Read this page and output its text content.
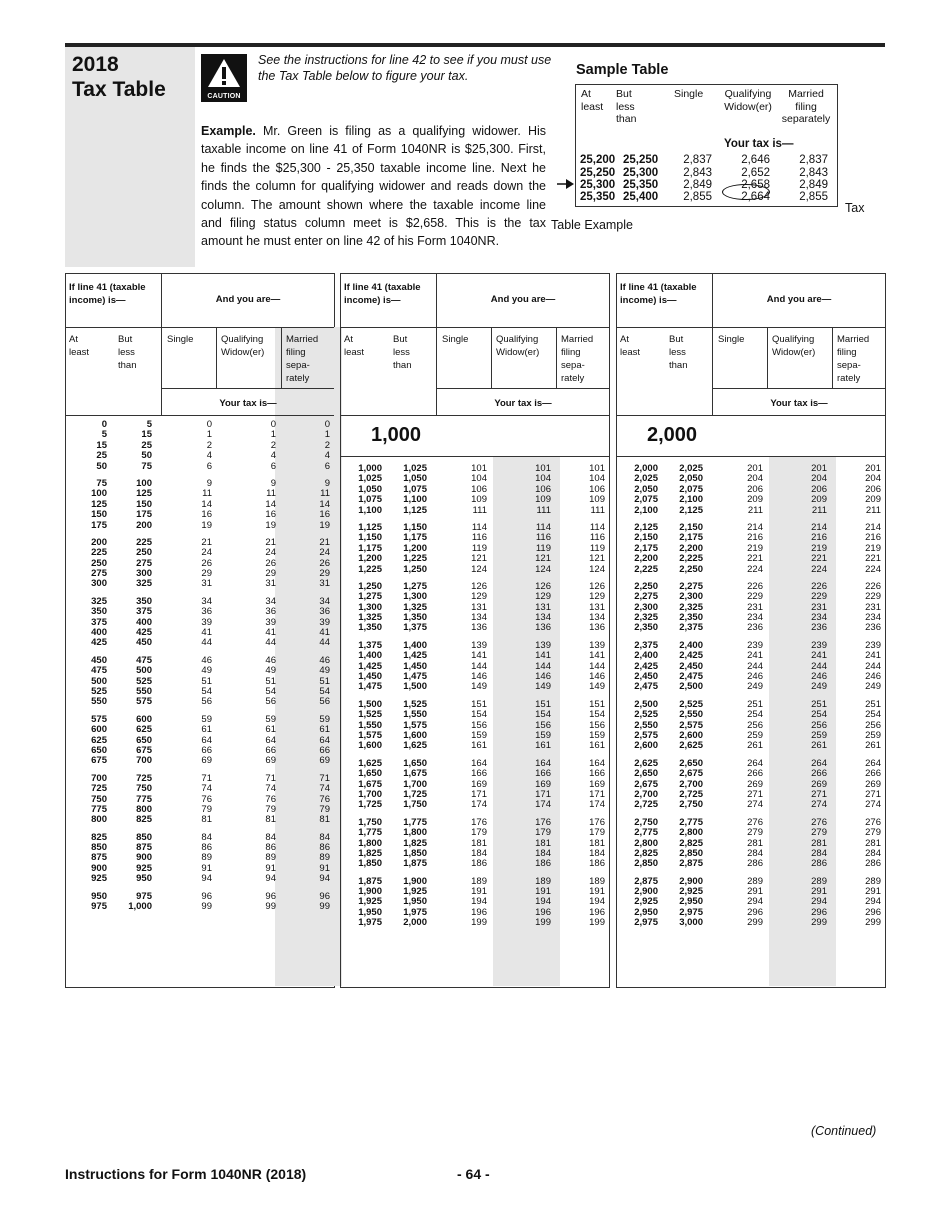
2018
Tax Table	CAUTION
See the instructions for line 42 to see if you must use the Tax Table below to figure your tax.
Example. Mr. Green is filing as a qualifying widower. His taxable income on line 41 of Form 1040NR is $25,300. First, he finds the $25,300 - 25,350 taxable income line. Next he finds the column for qualifying widower and reads down the column. The amount shown where the taxable income line and filing status column meet is $2,658. This is the tax amount he must enter on line 42 of his Form 1040NR.
Sample Table
At least
But less than
Single	Qualifying Widow(er)
Married filing separately
Your tax is—
25,200 25,250	2,837	2,646	2,837
25,250 25,300	2,843	2,652	2,843
25,300 25,350	2,849	2,658	2,849
25,350 25,400	2,855	2,664	2,855
Tax
Table Example
If line 41 (taxable income) is—	And you are—
At least
But less than
Single	Qualifying Widow(er)
Married filing sepa- rately
Your tax is—
0	5	0	0	0
5	15	1	1	1
15	25	2	2	2
25	50	4	4	4
50	75	6	6	6
75	100	9	9	9
100	125	11	11	11
125	150	14	14	14
150	175	16	16	16
175	200	19	19	19
200	225	21	21	21
225	250	24	24	24
250	275	26	26	26
275	300	29	29	29
300	325	31	31	31
325	350	34	34	34
350	375	36	36	36
375	400	39	39	39
400	425	41	41	41
425	450	44	44	44
450	475	46	46	46
475	500	49	49	49
500	525	51	51	51
525	550	54	54	54
550	575	56	56	56
575	600	59	59	59
600	625	61	61	61
625	650	64	64	64
650	675	66	66	66
675	700	69	69	69
700	725	71	71	71
725	750	74	74	74
750	775	76	76	76
775	800	79	79	79
800	825	81	81	81
825	850	84	84	84
850	875	86	86	86
875	900	89	89	89
900	925	91	91	91
925	950	94	94	94
950	975	96	96	96
975	1,000	99	99	99
If line 41 (taxable income) is—	And you are—
At least
But less than
Single	Qualifying Widow(er)
Married filing sepa- rately
Your tax is—
1,000
1,000	1,025	101	101	101
1,025	1,050	104	104	104
1,050	1,075	106	106	106
1,075	1,100	109	109	109
1,100	1,125	111	111	111
1,125	1,150	114	114	114
1,150	1,175	116	116	116
1,175	1,200	119	119	119
1,200	1,225	121	121	121
1,225	1,250	124	124	124
1,250	1,275	126	126	126
1,275	1,300	129	129	129
1,300	1,325	131	131	131
1,325	1,350	134	134	134
1,350	1,375	136	136	136
1,375	1,400	139	139	139
1,400	1,425	141	141	141
1,425	1,450	144	144	144
1,450	1,475	146	146	146
1,475	1,500	149	149	149
1,500	1,525	151	151	151
1,525	1,550	154	154	154
1,550	1,575	156	156	156
1,575	1,600	159	159	159
1,600	1,625	161	161	161
1,625	1,650	164	164	164
1,650	1,675	166	166	166
1,675	1,700	169	169	169
1,700	1,725	171	171	171
1,725	1,750	174	174	174
1,750	1,775	176	176	176
1,775	1,800	179	179	179
1,800	1,825	181	181	181
1,825	1,850	184	184	184
1,850	1,875	186	186	186
1,875	1,900	189	189	189
1,900	1,925	191	191	191
1,925	1,950	194	194	194
1,950	1,975	196	196	196
1,975	2,000	199	199	199
If line 41 (taxable income) is—	And you are—
At least
But less than
Single	Qualifying Widow(er)
Married filing sepa- rately
Your tax is—
2,000
2,000	2,025	201	201	201
2,025	2,050	204	204	204
2,050	2,075	206	206	206
2,075	2,100	209	209	209
2,100	2,125	211	211	211
2,125	2,150	214	214	214
2,150	2,175	216	216	216
2,175	2,200	219	219	219
2,200	2,225	221	221	221
2,225	2,250	224	224	224
2,250	2,275	226	226	226
2,275	2,300	229	229	229
2,300	2,325	231	231	231
2,325	2,350	234	234	234
2,350	2,375	236	236	236
2,375	2,400	239	239	239
2,400	2,425	241	241	241
2,425	2,450	244	244	244
2,450	2,475	246	246	246
2,475	2,500	249	249	249
2,500	2,525	251	251	251
2,525	2,550	254	254	254
2,550	2,575	256	256	256
2,575	2,600	259	259	259
2,600	2,625	261	261	261
2,625	2,650	264	264	264
2,650	2,675	266	266	266
2,675	2,700	269	269	269
2,700	2,725	271	271	271
2,725	2,750	274	274	274
2,750	2,775	276	276	276
2,775	2,800	279	279	279
2,800	2,825	281	281	281
2,825	2,850	284	284	284
2,850	2,875	286	286	286
2,875	2,900	289	289	289
2,900	2,925	291	291	291
2,925	2,950	294	294	294
2,950	2,975	296	296	296
2,975	3,000	299	299	299
(Continued)
Instructions for Form 1040NR (2018)	- 64 -
